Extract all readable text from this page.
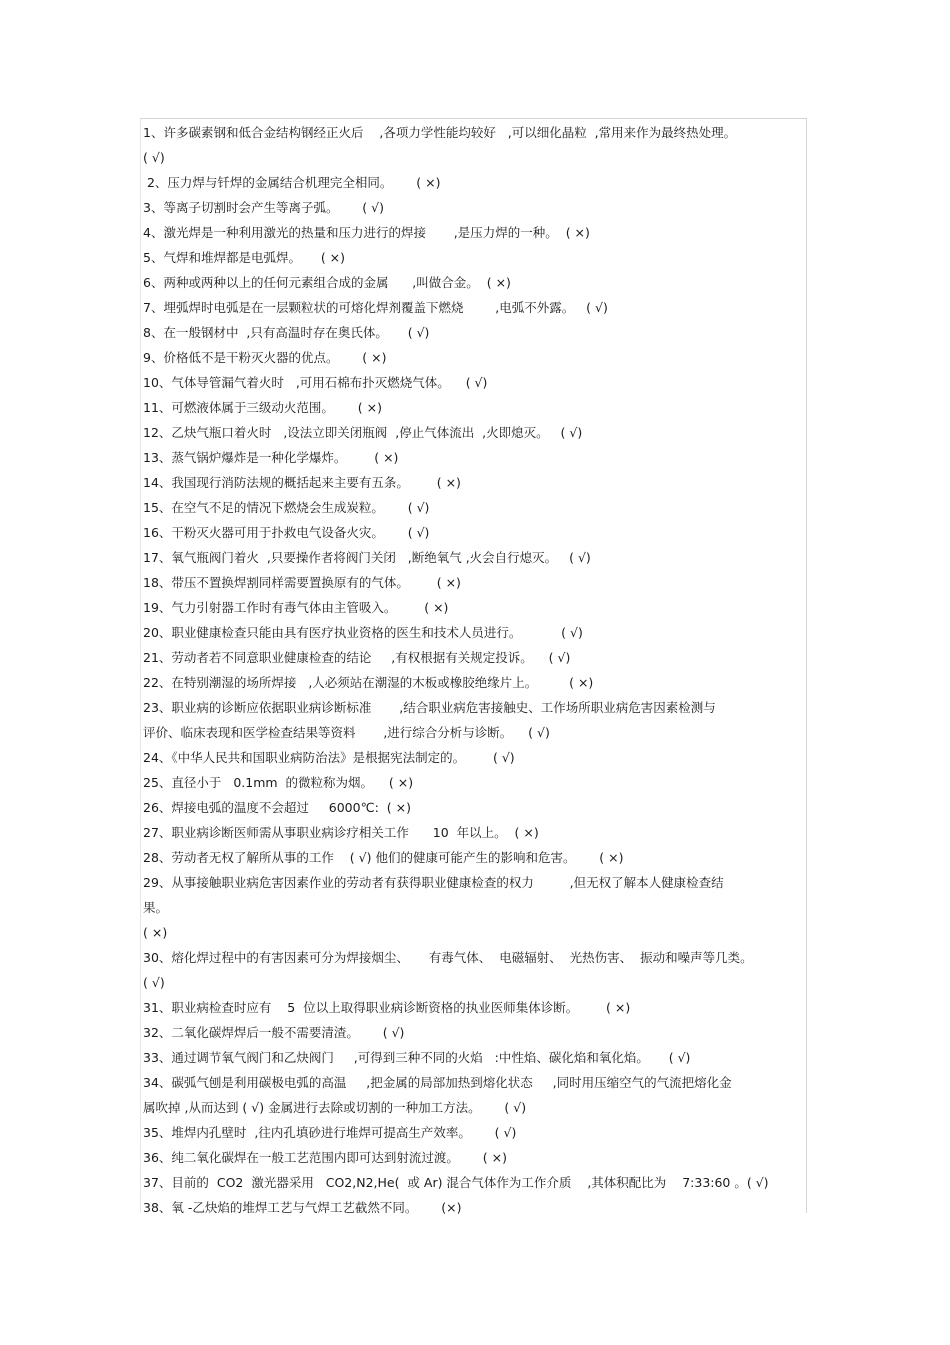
1、许多碳素钢和低合金结构钢经正火后    ,各项力学性能均较好   ,可以细化晶粒  ,常用来作为最终热处理。
( √)
2、压力焊与钎焊的金属结合机理完全相同。      ( ×)
3、等离子切割时会产生等离子弧。      ( √)
4、激光焊是一种利用激光的热量和压力进行的焊接       ,是压力焊的一种。  ( ×)
5、气焊和堆焊都是电弧焊。     ( ×)
6、两种或两种以上的任何元素组合成的金属      ,叫做合金。  ( ×)
7、埋弧焊时电弧是在一层颗粒状的可熔化焊剂覆盖下燃烧        ,电弧不外露。   ( √)
8、在一般钢材中  ,只有高温时存在奥氏体。     ( √)
9、价格低不是干粉灭火器的优点。      ( ×)
10、气体导管漏气着火时   ,可用石棉布扑灭燃烧气体。    ( √)
11、可燃液体属于三级动火范围。      ( ×)
12、乙炔气瓶口着火时   ,设法立即关闭瓶阀  ,停止气体流出  ,火即熄灭。   ( √)
13、蒸气锅炉爆炸是一种化学爆炸。       ( ×)
14、我国现行消防法规的概括起来主要有五条。       ( ×)
15、在空气不足的情况下燃烧会生成炭粒。      ( √)
16、干粉灭火器可用于扑救电气设备火灾。      ( √)
17、氧气瓶阀门着火  ,只要操作者将阀门关闭   ,断绝氧气 ,火会自行熄灭。   ( √)
18、带压不置换焊割同样需要置换原有的气体。       ( ×)
19、气力引射器工作时有毒气体由主管吸入。       ( ×)
20、职业健康检查只能由具有医疗执业资格的医生和技术人员进行。          ( √)
21、劳动者若不同意职业健康检查的结论     ,有权根据有关规定投诉。    ( √)
22、在特别潮湿的场所焊接   ,人必须站在潮湿的木板或橡胶绝缘片上。        ( ×)
23、职业病的诊断应依据职业病诊断标准       ,结合职业病危害接触史、工作场所职业病危害因素检测与
评价、临床表现和医学检查结果等资料       ,进行综合分析与诊断。    ( √)
24、《中华人民共和国职业病防治法》是根据宪法制定的。       ( √)
25、直径小于   0.1mm  的微粒称为烟。    ( ×)
26、焊接电弧的温度不会超过     6000℃:  ( ×)
27、职业病诊断医师需从事职业病诊疗相关工作      10  年以上。  ( ×)
28、劳动者无权了解所从事的工作    ( √) 他们的健康可能产生的影响和危害。      ( ×)
29、从事接触职业病危害因素作业的劳动者有获得职业健康检查的权力         ,但无权了解本人健康检查结
果。
( ×)
30、熔化焊过程中的有害因素可分为焊接烟尘、     有毒气体、  电磁辐射、  光热伤害、  振动和噪声等几类。
( √)
31、职业病检查时应有    5  位以上取得职业病诊断资格的执业医师集体诊断。       ( ×)
32、二氧化碳焊焊后一般不需要清渣。      ( √)
33、通过调节氧气阀门和乙炔阀门     ,可得到三种不同的火焰   :中性焰、碳化焰和氧化焰。     ( √)
34、碳弧气刨是利用碳极电弧的高温     ,把金属的局部加热到熔化状态     ,同时用压缩空气的气流把熔化金
属吹掉 ,从而达到 ( √) 金属进行去除或切割的一种加工方法。      ( √)
35、堆焊内孔壁时  ,往内孔填砂进行堆焊可提高生产效率。      ( √)
36、纯二氧化碳焊在一般工艺范围内即可达到射流过渡。      ( ×)
37、目前的  CO2  激光器采用   CO2,N2,He(  或 Ar) 混合气体作为工作介质    ,其体积配比为    7:33:60 。( √)
38、氧 -乙炔焰的堆焊工艺与气焊工艺截然不同。      (×)
